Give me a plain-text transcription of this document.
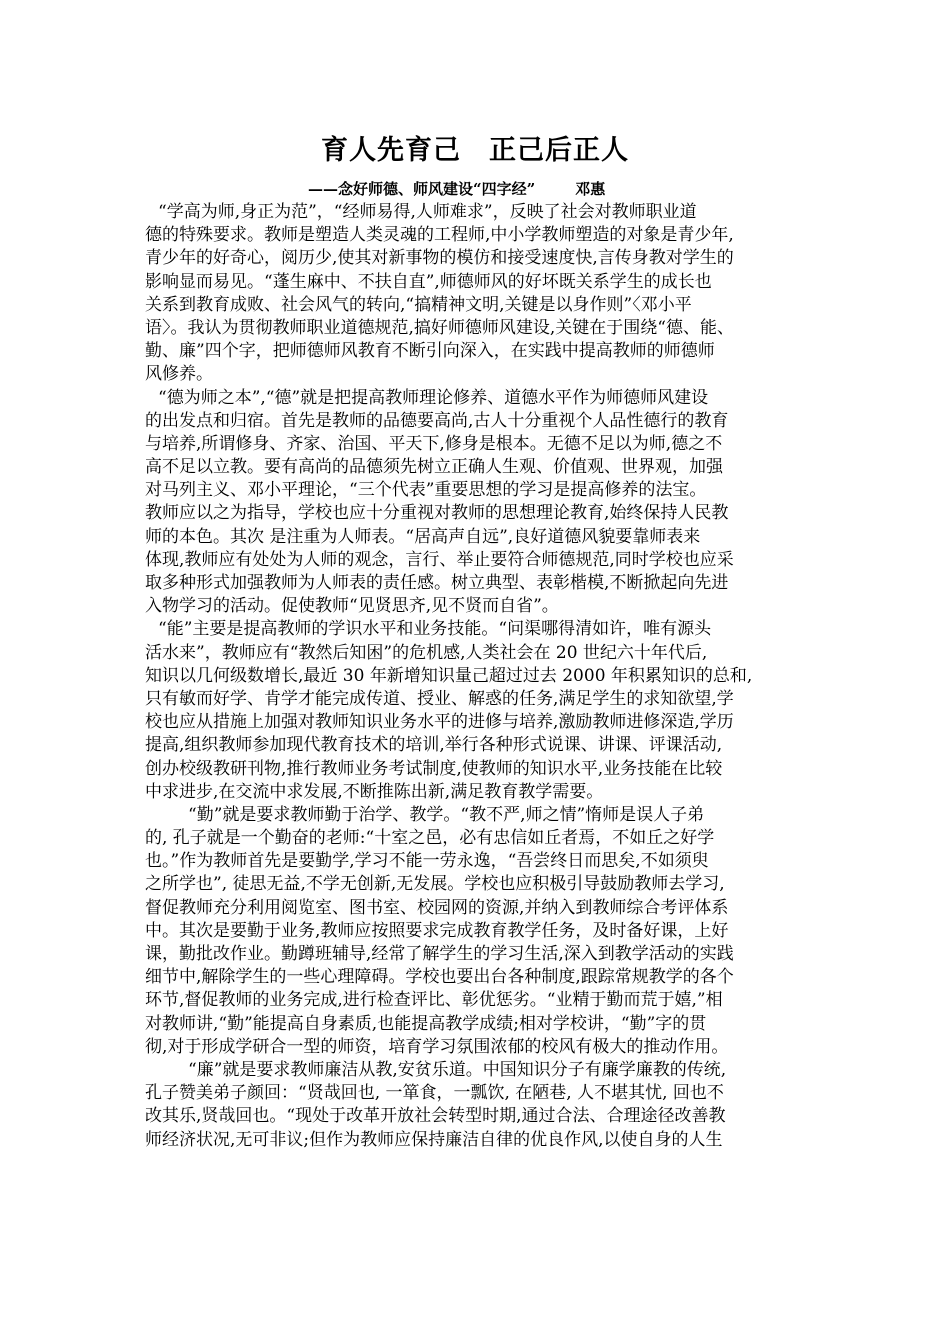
育人先育己　正己后正人
——念好师德、师风建设“四字经”	邓惠
“学高为师,身正为范”，“经师易得,人师难求”，反映了社会对教师职业道
德的特殊要求。教师是塑造人类灵魂的工程师,中小学教师塑造的对象是青少年,
青少年的好奇心，阅历少,使其对新事物的模仿和接受速度快,言传身教对学生的
影响显而易见。“蓬生麻中、不扶自直”,师德师风的好坏既关系学生的成长也
关系到教育成败、社会风气的转向,“搞精神文明,关键是以身作则”〈邓小平
语〉。我认为贯彻教师职业道德规范,搞好师德师风建设,关键在于围绕“德、能、
勤、廉”四个字，把师德师风教育不断引向深入，在实践中提高教师的师德师
风修养。
“德为师之本”,“德”就是把提高教师理论修养、道德水平作为师德师风建设
的出发点和归宿。首先是教师的品德要高尚,古人十分重视个人品性德行的教育
与培养,所谓修身、齐家、治国、平天下,修身是根本。无德不足以为师,德之不
高不足以立教。要有高尚的品德须先树立正确人生观、价值观、世界观，加强
对马列主义、邓小平理论，“三个代表”重要思想的学习是提高修养的法宝。
教师应以之为指导，学校也应十分重视对教师的思想理论教育,始终保持人民教
师的本色。其次 是注重为人师表。“居高声自远”,良好道德风貌要靠师表来
体现,教师应有处处为人师的观念，言行、举止要符合师德规范,同时学校也应采
取多种形式加强教师为人师表的责任感。树立典型、表彰楷模,不断掀起向先进
入物学习的活动。促使教师“见贤思齐,见不贤而自省”。
“能”主要是提高教师的学识水平和业务技能。“问渠哪得清如许，唯有源头
活水来”，教师应有“教然后知困”的危机感,人类社会在 20 世纪六十年代后,
知识以几何级数增长,最近 30 年新增知识量己超过过去 2000 年积累知识的总和,
只有敏而好学、肯学才能完成传道、授业、解惑的任务,满足学生的求知欲望,学
校也应从措施上加强对教师知识业务水平的进修与培养,激励教师进修深造,学历
提高,组织教师参加现代教育技术的培训,举行各种形式说课、讲课、评课活动,
创办校级教研刊物,推行教师业务考试制度,使教师的知识水平,业务技能在比较
中求进步,在交流中求发展,不断推陈出新,满足教育教学需要。
“勤”就是要求教师勤于治学、教学。“教不严,师之情”惰师是误人子弟
的, 孔子就是一个勤奋的老师:“十室之邑，必有忠信如丘者焉，不如丘之好学
也。”作为教师首先是要勤学,学习不能一劳永逸，“吾尝终日而思矣,不如须臾
之所学也”, 徒思无益,不学无创新,无发展。学校也应积极引导鼓励教师去学习,
督促教师充分利用阅览室、图书室、校园网的资源,并纳入到教师综合考评体系
中。其次是要勤于业务,教师应按照要求完成教育教学任务，及时备好课，上好
课，勤批改作业。勤蹲班辅导,经常了解学生的学习生活,深入到教学活动的实践
细节中,解除学生的一些心理障碍。学校也要出台各种制度,跟踪常规教学的各个
环节,督促教师的业务完成,进行检查评比、彰优惩劣。“业精于勤而荒于嬉,”相
对教师讲,“勤”能提高自身素质,也能提高教学成绩;相对学校讲，“勤”字的贯
彻,对于形成学研合一型的师资，培育学习氛围浓郁的校风有极大的推动作用。
“廉”就是要求教师廉洁从教,安贫乐道。中国知识分子有廉学廉教的传统,
孔子赞美弟子颜回：“贤哉回也, 一箪食，一瓢饮, 在陋巷, 人不堪其忧, 回也不
改其乐,贤哉回也。“现处于改革开放社会转型时期,通过合法、合理途径改善教
师经济状况,无可非议;但作为教师应保持廉洁自律的优良作风,以使自身的人生
